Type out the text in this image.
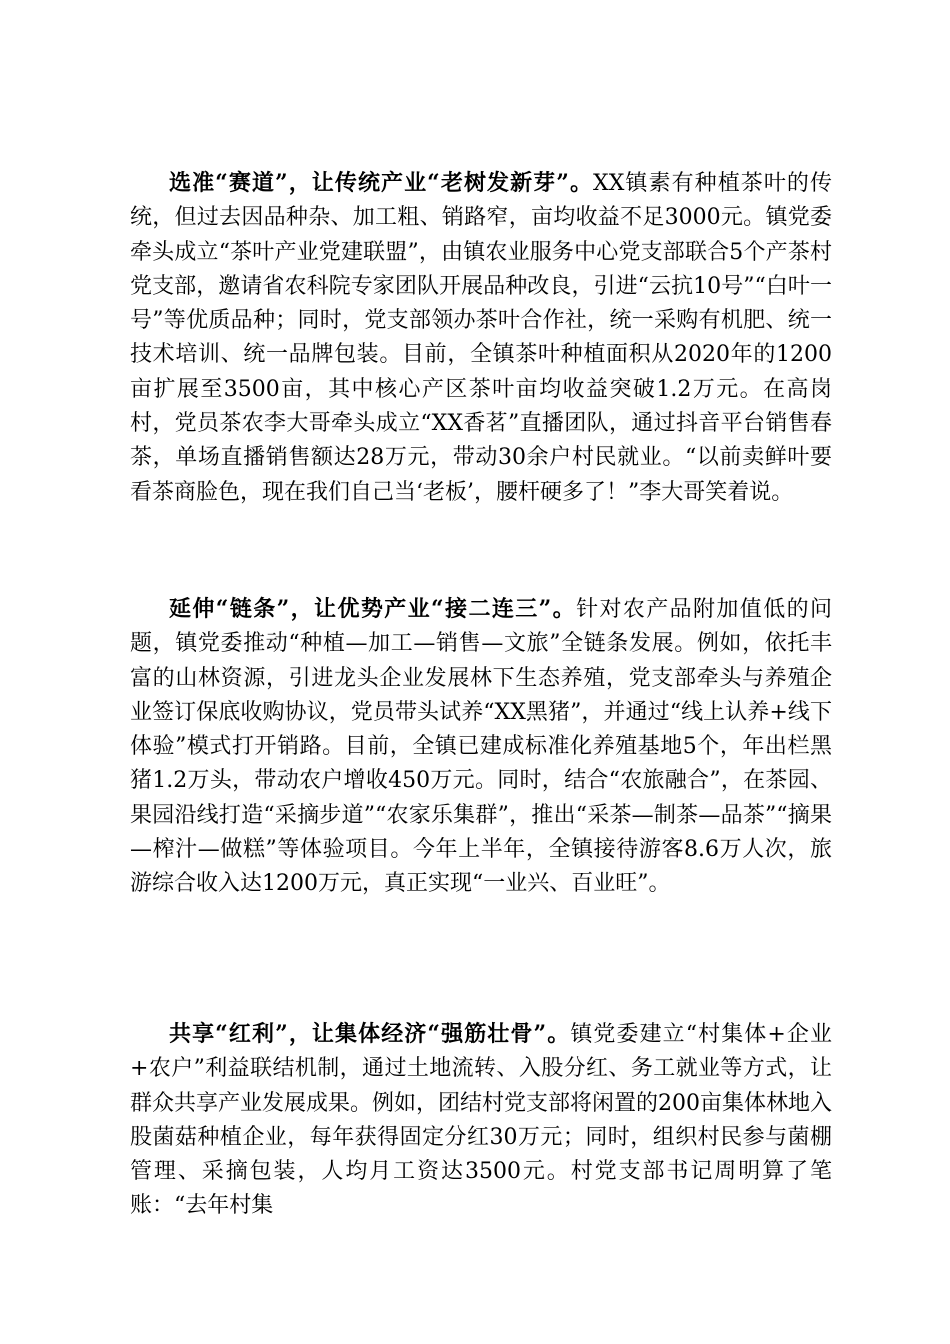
选准“赛道”，让传统产业“老树发新芽”。XX镇素有种植茶叶的传统，但过去因品种杂、加工粗、销路窄，亩均收益不足3000元。镇党委牵头成立“茶叶产业党建联盟”，由镇农业服务中心党支部联合5个产茶村党支部，邀请省农科院专家团队开展品种改良，引进“云抗10号”“白叶一号”等优质品种；同时，党支部领办茶叶合作社，统一采购有机肥、统一技术培训、统一品牌包装。目前，全镇茶叶种植面积从2020年的1200亩扩展至3500亩，其中核心产区茶叶亩均收益突破1.2万元。在高岗村，党员茶农李大哥牵头成立“XX香茗”直播团队，通过抖音平台销售春茶，单场直播销售额达28万元，带动30余户村民就业。“以前卖鲜叶要看茶商脸色，现在我们自己当‘老板’，腰杆硬多了！”李大哥笑着说。

延伸“链条”，让优势产业“接二连三”。针对农产品附加值低的问题，镇党委推动“种植—加工—销售—文旅”全链条发展。例如，依托丰富的山林资源，引进龙头企业发展林下生态养殖，党支部牵头与养殖企业签订保底收购协议，党员带头试养“XX黑猪”，并通过“线上认养+线下体验”模式打开销路。目前，全镇已建成标准化养殖基地5个，年出栏黑猪1.2万头，带动农户增收450万元。同时，结合“农旅融合”，在茶园、果园沿线打造“采摘步道”“农家乐集群”，推出“采茶—制茶—品茶”“摘果—榨汁—做糕”等体验项目。今年上半年，全镇接待游客8.6万人次，旅游综合收入达1200万元，真正实现“一业兴、百业旺”。

共享“红利”，让集体经济“强筋壮骨”。镇党委建立“村集体+企业+农户”利益联结机制，通过土地流转、入股分红、务工就业等方式，让群众共享产业发展成果。例如，团结村党支部将闲置的200亩集体林地入股菌菇种植企业，每年获得固定分红30万元；同时，组织村民参与菌棚管理、采摘包装，人均月工资达3500元。村党支部书记周明算了笔账：“去年村集
